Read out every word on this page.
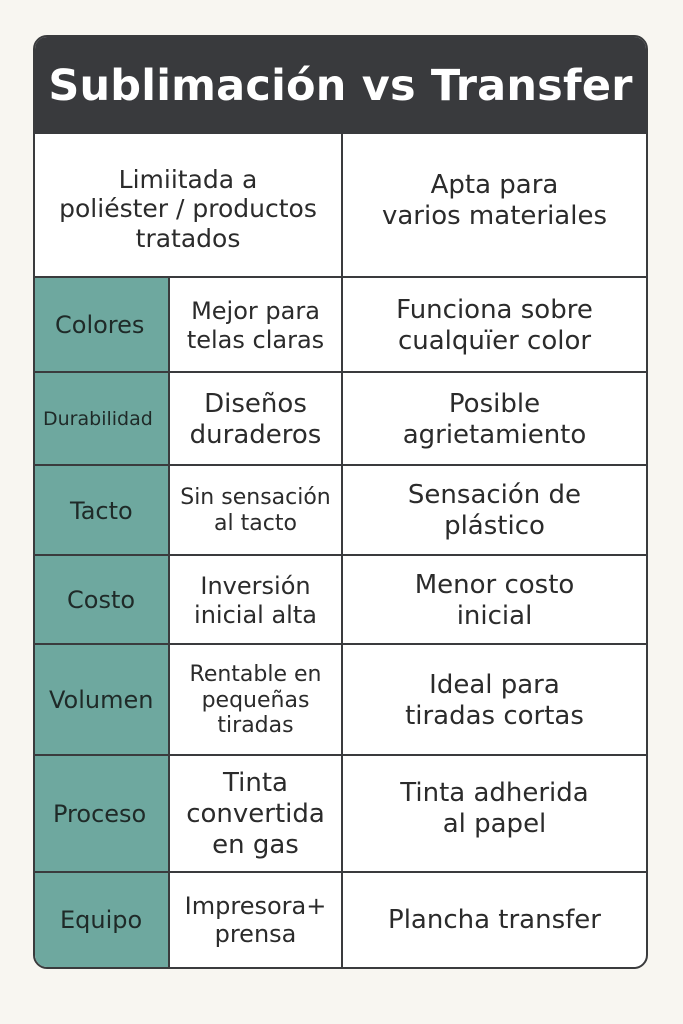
Sublimación vs Transfer
Limiitada a
poliéster / productos
tratados
Apta para
varios materiales
Colores
Mejor para
telas claras
Funciona sobre
cualquïer color
Durabilidad
Diseños
duraderos
Posible
agrietamiento
Tacto	Sin sensación
al tacto
Sensación de
plástico
Costo
Inversión
inicial alta
Menor costo
inicial
Volumen
Rentable en
pequeñas
tiradas
Ideal para
tiradas cortas
Proceso
Tinta
convertida
en gas
Tinta adherida
al papel
Equipo
Impresora+
prensa	Plancha transfer
